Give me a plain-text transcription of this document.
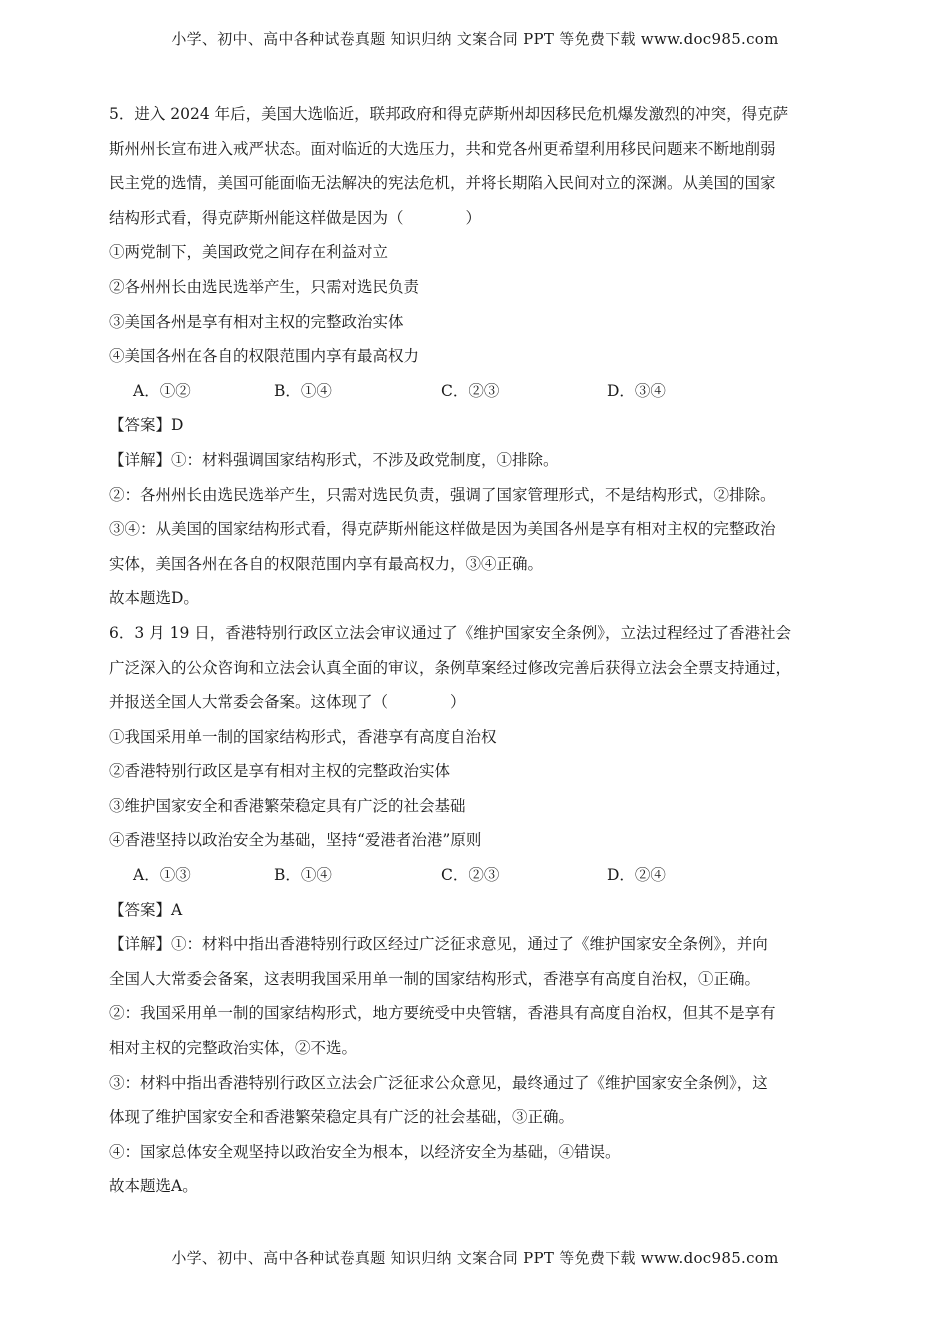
小学、初中、高中各种试卷真题 知识归纳 文案合同 PPT 等免费下载 www.doc985.com
5．进入 2024 年后，美国大选临近，联邦政府和得克萨斯州却因移民危机爆发激烈的冲突，得克萨
斯州州长宣布进入戒严状态。面对临近的大选压力，共和党各州更希望利用移民问题来不断地削弱
民主党的选情，美国可能面临无法解决的宪法危机，并将长期陷入民间对立的深渊。从美国的国家
结构形式看，得克萨斯州能这样做是因为（　　　　）
①两党制下，美国政党之间存在利益对立
②各州州长由选民选举产生，只需对选民负责
③美国各州是享有相对主权的完整政治实体
④美国各州在各自的权限范围内享有最高权力
A．①②	B．①④	C．②③	D．③④
【答案】D
【详解】①：材料强调国家结构形式，不涉及政党制度，①排除。
②：各州州长由选民选举产生，只需对选民负责，强调了国家管理形式，不是结构形式，②排除。
③④：从美国的国家结构形式看，得克萨斯州能这样做是因为美国各州是享有相对主权的完整政治
实体，美国各州在各自的权限范围内享有最高权力，③④正确。
故本题选D。
6．3 月 19 日，香港特别行政区立法会审议通过了《维护国家安全条例》，立法过程经过了香港社会
广泛深入的公众咨询和立法会认真全面的审议，条例草案经过修改完善后获得立法会全票支持通过，
并报送全国人大常委会备案。这体现了（　　　　）
①我国采用单一制的国家结构形式，香港享有高度自治权
②香港特别行政区是享有相对主权的完整政治实体
③维护国家安全和香港繁荣稳定具有广泛的社会基础
④香港坚持以政治安全为基础，坚持“爱港者治港”原则
A．①③	B．①④	C．②③	D．②④
【答案】A
【详解】①：材料中指出香港特别行政区经过广泛征求意见，通过了《维护国家安全条例》，并向
全国人大常委会备案，这表明我国采用单一制的国家结构形式，香港享有高度自治权，①正确。
②：我国采用单一制的国家结构形式，地方要统受中央管辖，香港具有高度自治权，但其不是享有
相对主权的完整政治实体，②不选。
③：材料中指出香港特别行政区立法会广泛征求公众意见，最终通过了《维护国家安全条例》，这
体现了维护国家安全和香港繁荣稳定具有广泛的社会基础，③正确。
④：国家总体安全观坚持以政治安全为根本，以经济安全为基础，④错误。
故本题选A。
小学、初中、高中各种试卷真题 知识归纳 文案合同 PPT 等免费下载 www.doc985.com
